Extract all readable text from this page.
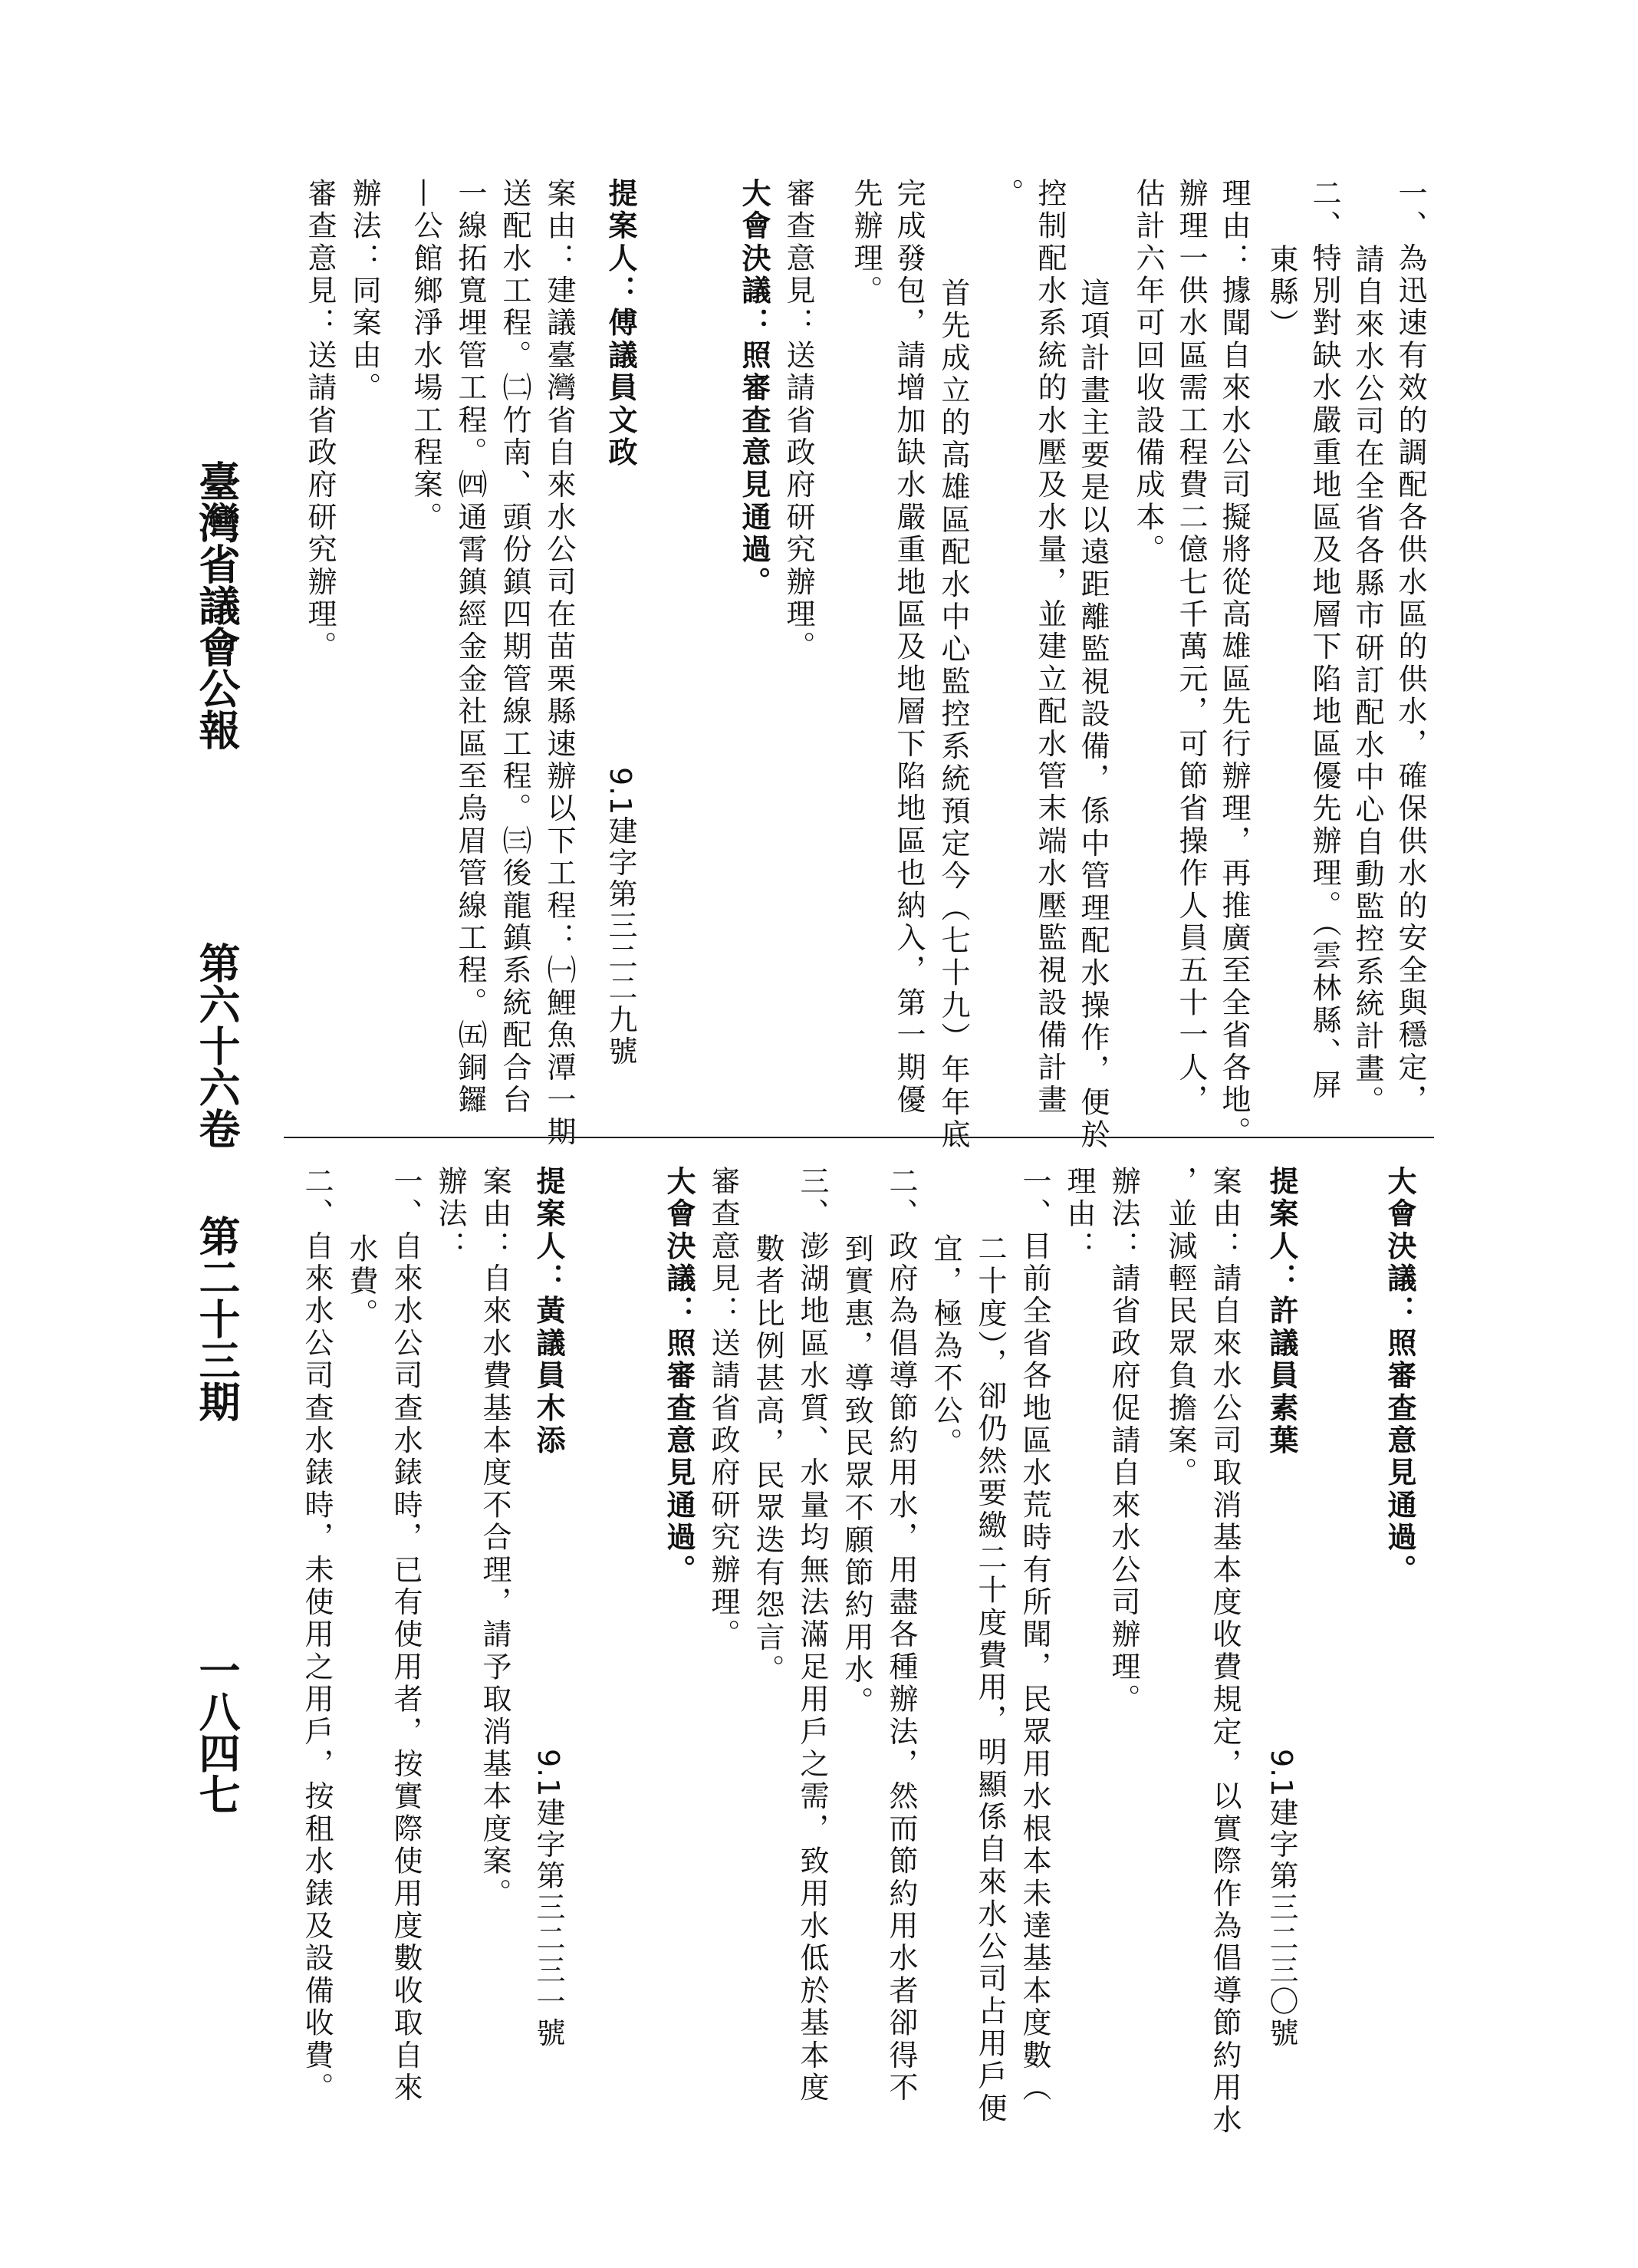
一、為迅速有效的調配各供水區的供水，確保供水的安全與穩定，
請自來水公司在全省各縣市研訂配水中心自動監控系統計畫。
二、特別對缺水嚴重地區及地層下陷地區優先辦理。（雲林縣、屏
東縣）
理由：據聞自來水公司擬將從高雄區先行辦理，再推廣至全省各地。
辦理一供水區需工程費二億七千萬元，可節省操作人員五十一人，
估計六年可回收設備成本。
這項計畫主要是以遠距離監視設備，係中管理配水操作，便於
控制配水系統的水壓及水量，並建立配水管末端水壓監視設備計畫
。
首先成立的高雄區配水中心監控系統預定今（七十九）年年底
完成發包，請增加缺水嚴重地區及地層下陷地區也納入，第一期優
先辦理。
審查意見：送請省政府研究辦理。
大會決議：照審查意見通過。
提案人：傅議員文政
9.1建字第三二二九號
案由：建議臺灣省自來水公司在苗栗縣速辦以下工程：㈠鯉魚潭一期
送配水工程。㈡竹南、頭份鎮四期管線工程。㈢後龍鎮系統配合台
一線拓寬埋管工程。㈣通霄鎮經金金社區至烏眉管線工程。㈤銅鑼
—公館鄉淨水場工程案。
辦法：同案由。
審查意見：送請省政府研究辦理。
臺灣省議會公報
第六十六卷
第二十三期
一八四七
大會決議：照審查意見通過。
提案人：許議員素葉
9.1建字第三二三〇號
案由：請自來水公司取消基本度收費規定，以實際作為倡導節約用水
，並減輕民眾負擔案。
辦法：請省政府促請自來水公司辦理。
理由：
一、目前全省各地區水荒時有所聞，民眾用水根本未達基本度數（
二十度），卻仍然要繳二十度費用，明顯係自來水公司占用戶便
宜，極為不公。
二、政府為倡導節約用水，用盡各種辦法，然而節約用水者卻得不
到實惠，導致民眾不願節約用水。
三、澎湖地區水質、水量均無法滿足用戶之需，致用水低於基本度
數者比例甚高，民眾迭有怨言。
審查意見：送請省政府研究辦理。
大會決議：照審查意見通過。
提案人：黃議員木添
9.1建字第三二三一號
案由：自來水費基本度不合理，請予取消基本度案。
辦法：
一、自來水公司查水錶時，已有使用者，按實際使用度數收取自來
水費。
二、自來水公司查水錶時，未使用之用戶，按租水錶及設備收費。
